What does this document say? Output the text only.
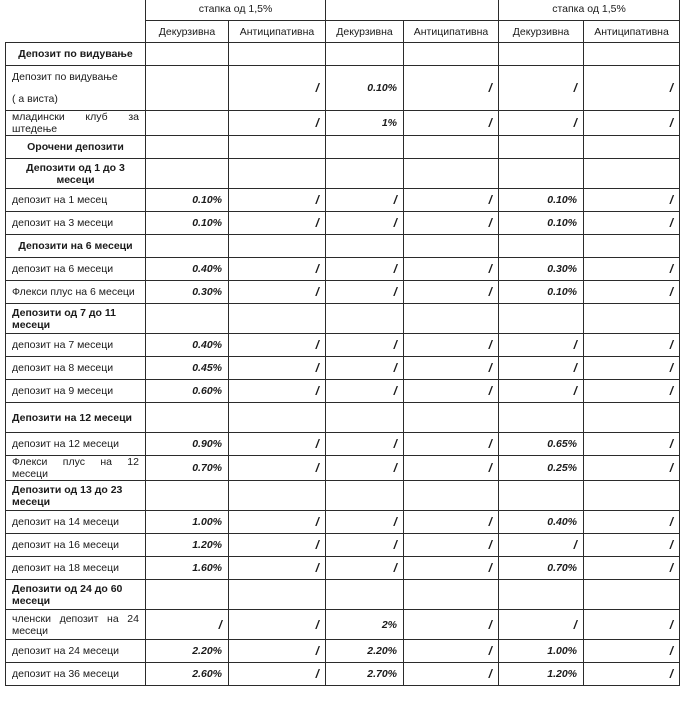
	стапка од 1,5%				стапка од 1,5%	
	Декурзивна	Антиципативна	Декурзивна	Антиципативна	Декурзивна	Антиципативна
Депозит по видување						

Депозит по видување
( а виста)		/	0.10%	/	/	/
младински клуб за штедење		/	1%	/	/	/
Орочени депозити						
Депозити од 1 до 3 месеци						
депозит на 1 месец	0.10%	/	/	/	0.10%	/
депозит на 3 месеци	0.10%	/	/	/	0.10%	/
Депозити на 6 месеци						
депозит на 6 месеци	0.40%	/	/	/	0.30%	/
Флекси плус на 6 месеци	0.30%	/	/	/	0.10%	/
Депозити од 7 до 11 месеци						
депозит на 7 месеци	0.40%	/	/	/	/	/
депозит на 8 месеци	0.45%	/	/	/	/	/
депозит на 9 месеци	0.60%	/	/	/	/	/
Депозити на 12 месеци						
депозит на 12 месеци	0.90%	/	/	/	0.65%	/
Флекси плус на 12 месеци	0.70%	/	/	/	0.25%	/
Депозити од 13 до 23 месеци						
депозит на 14 месеци	1.00%	/	/	/	0.40%	/
депозит на 16 месеци	1.20%	/	/	/	/	/
депозит на 18 месеци	1.60%	/	/	/	0.70%	/
Депозити од 24 до 60 месеци						
членски депозит на 24 месеци	/	/	2%	/	/	/
депозит на 24 месеци	2.20%	/	2.20%	/	1.00%	/
депозит на 36 месеци	2.60%	/	2.70%	/	1.20%	/
